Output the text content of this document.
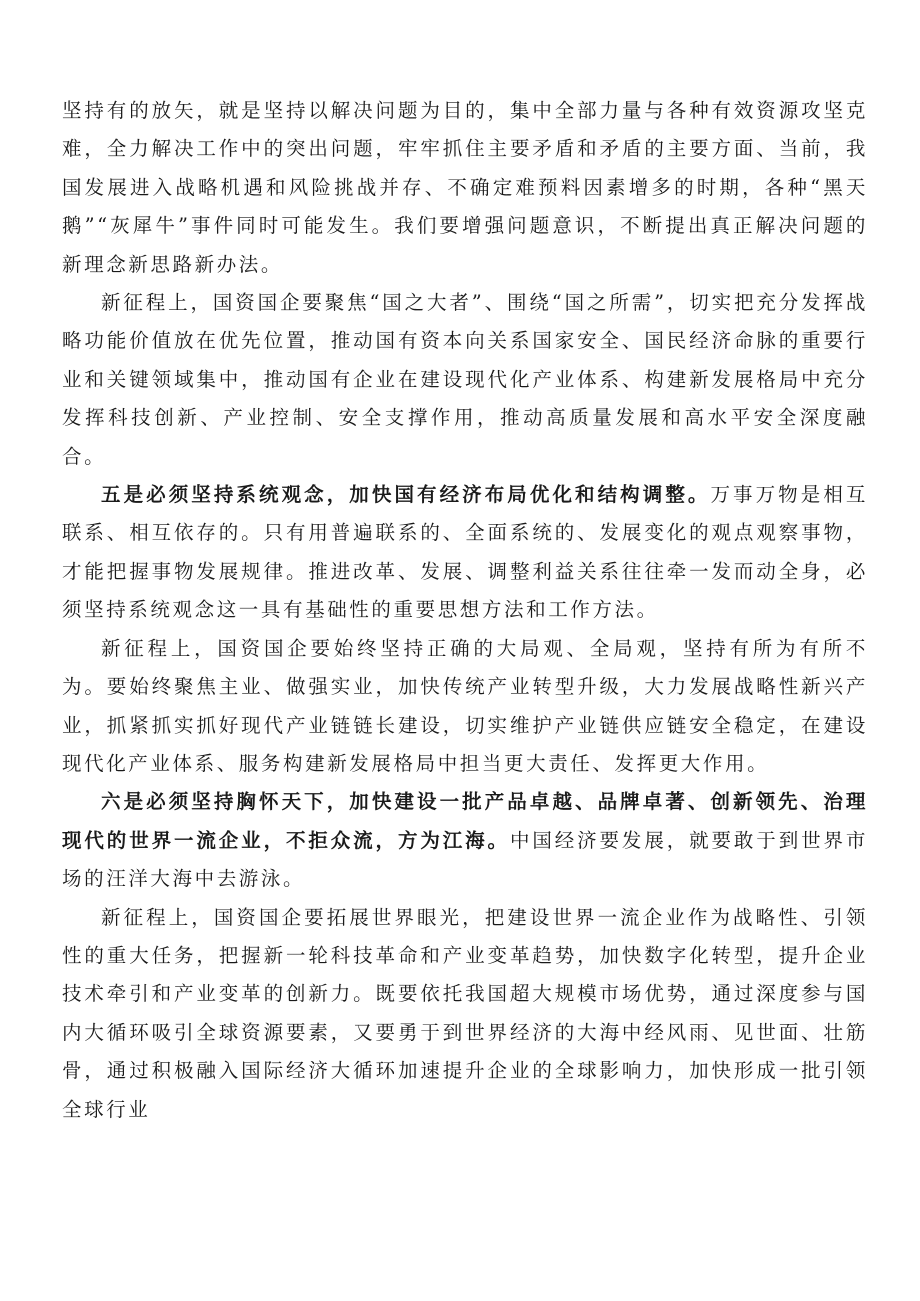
坚持有的放矢，就是坚持以解决问题为目的，集中全部力量与各种有效资源攻坚克难，全力解决工作中的突出问题，牢牢抓住主要矛盾和矛盾的主要方面、当前，我国发展进入战略机遇和风险挑战并存、不确定难预料因素增多的时期，各种“黑天鹅”“灰犀牛”事件同时可能发生。我们要增强问题意识，不断提出真正解决问题的新理念新思路新办法。

新征程上，国资国企要聚焦“国之大者”、围绕“国之所需”，切实把充分发挥战略功能价值放在优先位置，推动国有资本向关系国家安全、国民经济命脉的重要行业和关键领域集中，推动国有企业在建设现代化产业体系、构建新发展格局中充分发挥科技创新、产业控制、安全支撑作用，推动高质量发展和高水平安全深度融合。

五是必须坚持系统观念，加快国有经济布局优化和结构调整。万事万物是相互联系、相互依存的。只有用普遍联系的、全面系统的、发展变化的观点观察事物，才能把握事物发展规律。推进改革、发展、调整利益关系往往牵一发而动全身，必须坚持系统观念这一具有基础性的重要思想方法和工作方法。

新征程上，国资国企要始终坚持正确的大局观、全局观，坚持有所为有所不为。要始终聚焦主业、做强实业，加快传统产业转型升级，大力发展战略性新兴产业，抓紧抓实抓好现代产业链链长建设，切实维护产业链供应链安全稳定，在建设现代化产业体系、服务构建新发展格局中担当更大责任、发挥更大作用。

六是必须坚持胸怀天下，加快建设一批产品卓越、品牌卓著、创新领先、治理现代的世界一流企业，不拒众流，方为江海。中国经济要发展，就要敢于到世界市场的汪洋大海中去游泳。

新征程上，国资国企要拓展世界眼光，把建设世界一流企业作为战略性、引领性的重大任务，把握新一轮科技革命和产业变革趋势，加快数字化转型，提升企业技术牵引和产业变革的创新力。既要依托我国超大规模市场优势，通过深度参与国内大循环吸引全球资源要素，又要勇于到世界经济的大海中经风雨、见世面、壮筋骨，通过积极融入国际经济大循环加速提升企业的全球影响力，加快形成一批引领全球行业
